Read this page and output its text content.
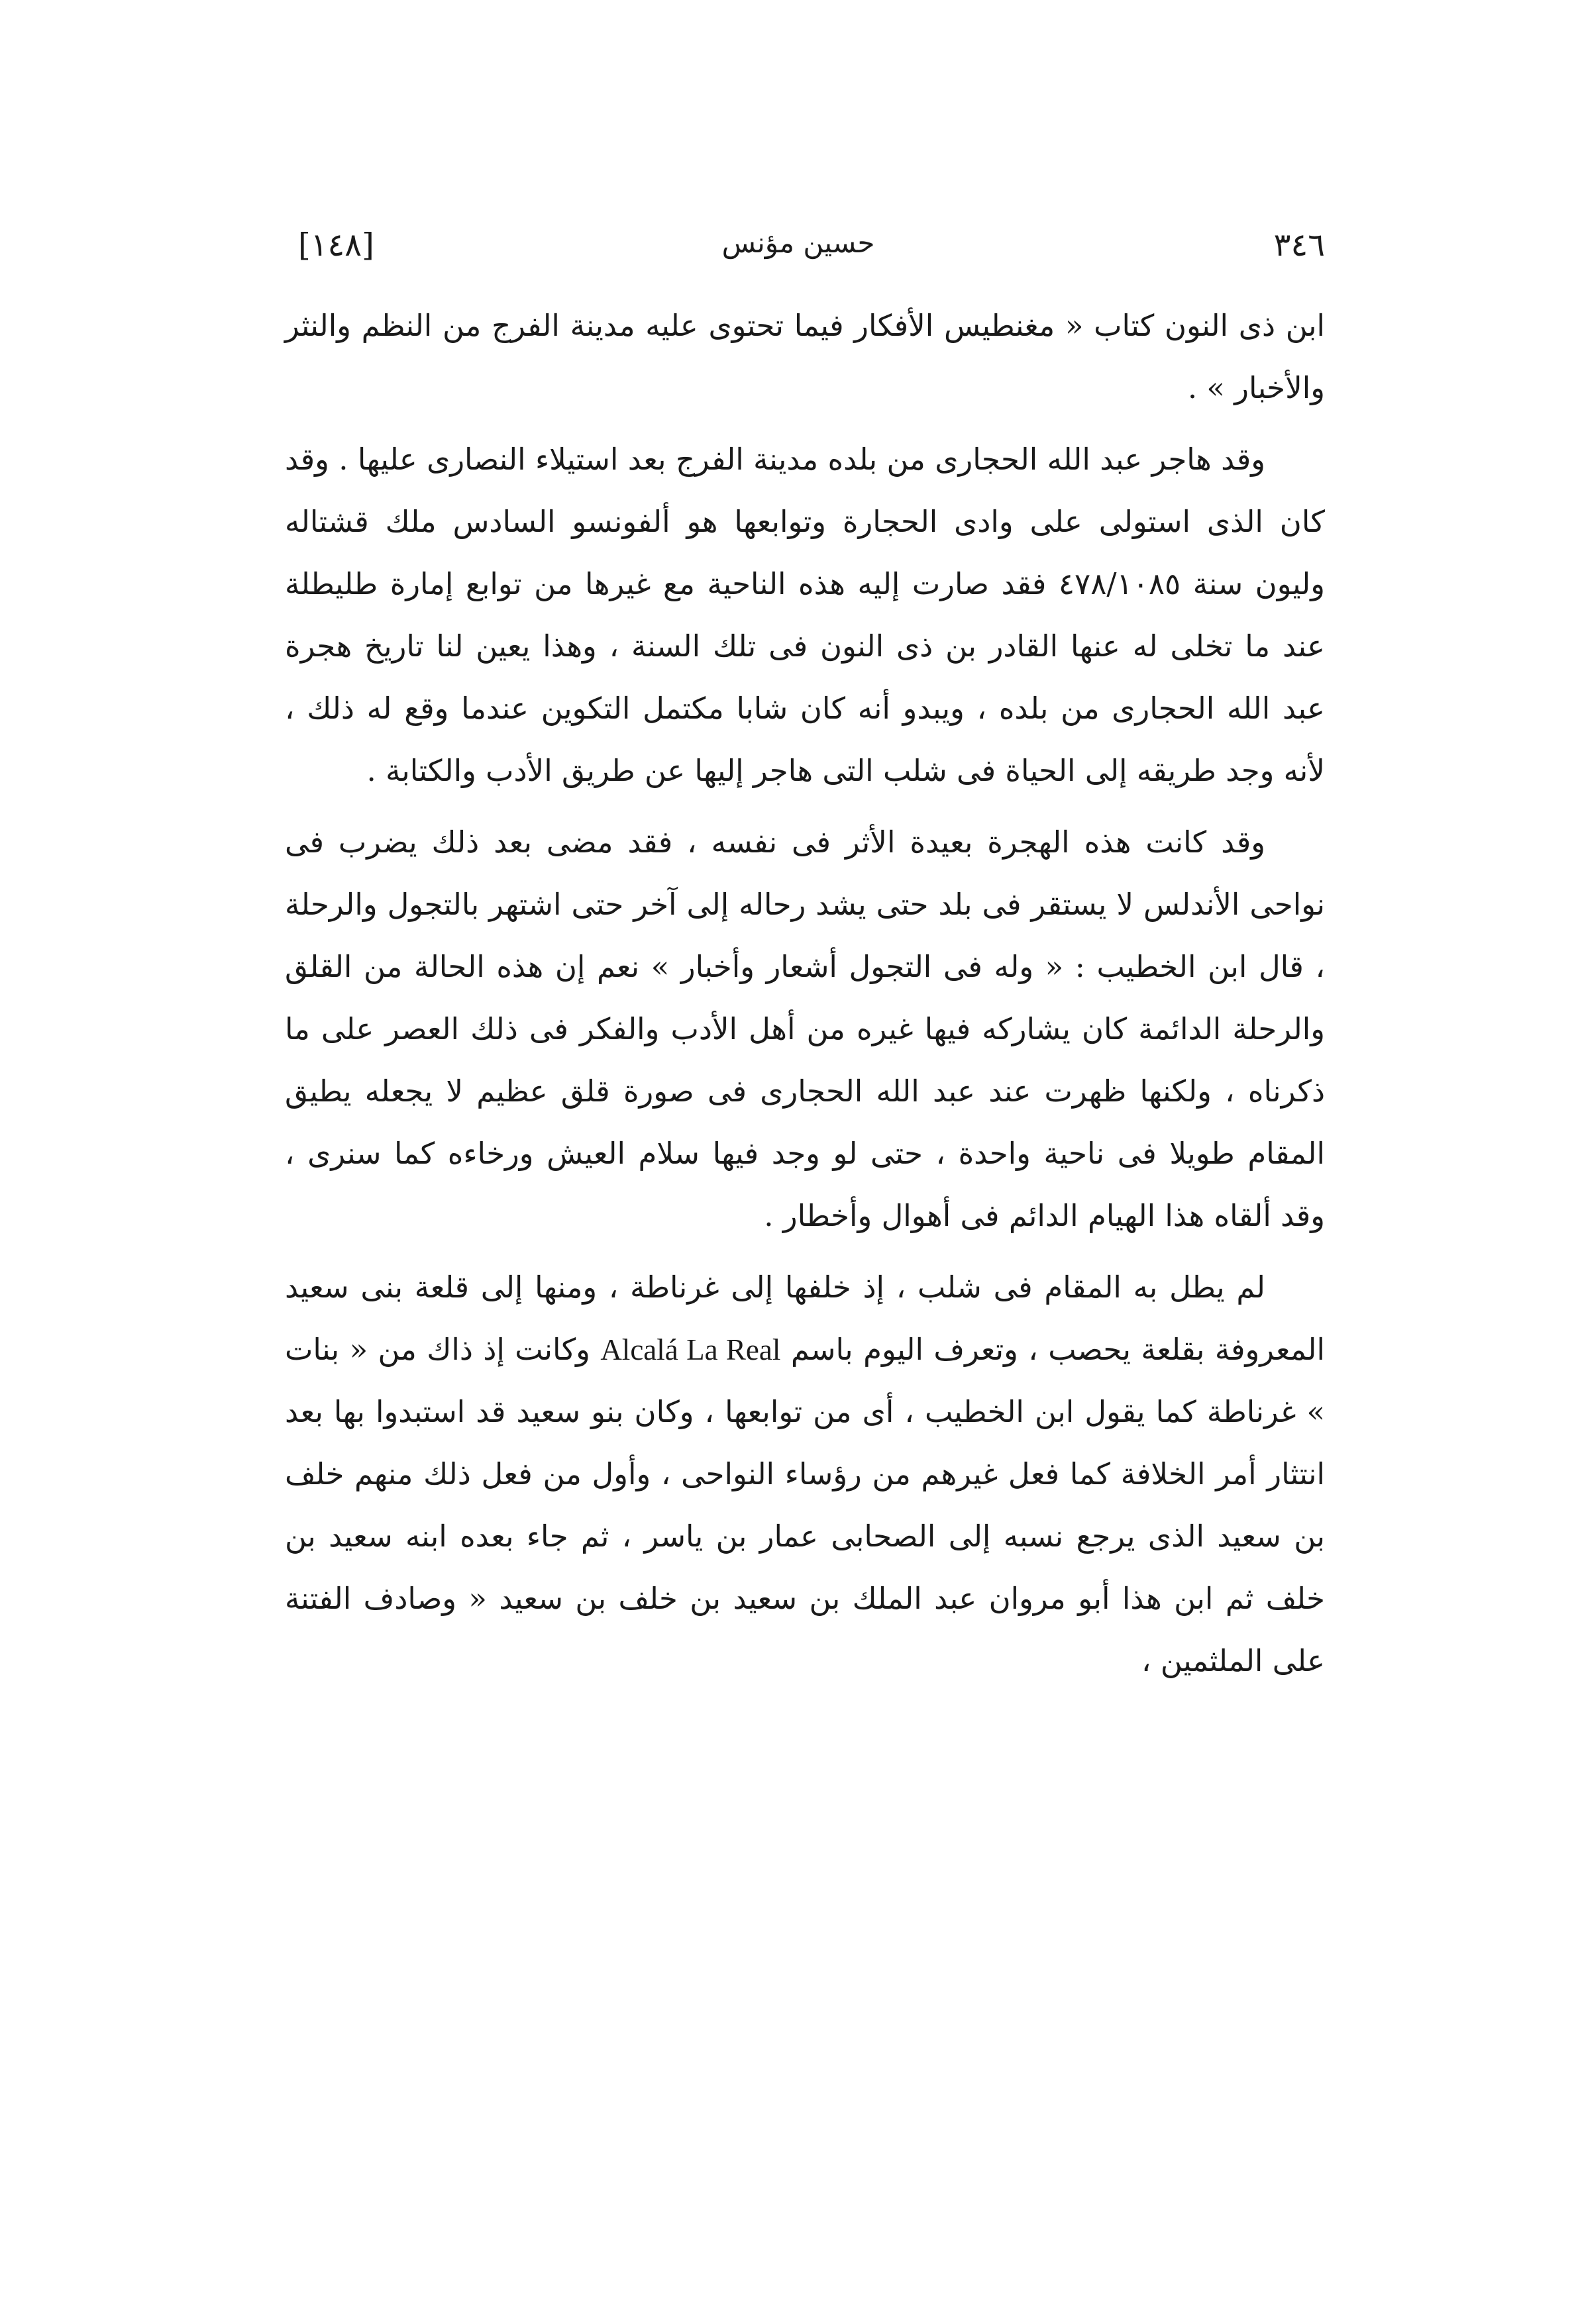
٣٤٦
حسين مؤنس
[١٤٨]

ابن ذى النون كتاب « مغنطيس الأفكار فيما تحتوى عليه مدينة الفرج من النظم والنثر والأخبار » .

وقد هاجر عبد الله الحجارى من بلده مدينة الفرج بعد استيلاء النصارى عليها . وقد كان الذى استولى على وادى الحجارة وتوابعها هو ألفونسو السادس ملك قشتاله وليون سنة ٤٧٨/١٠٨٥ فقد صارت إليه هذه الناحية مع غيرها من توابع إمارة طليطلة عند ما تخلى له عنها القادر بن ذى النون فى تلك السنة ، وهذا يعين لنا تاريخ هجرة عبد الله الحجارى من بلده ، ويبدو أنه كان شابا مكتمل التكوين عندما وقع له ذلك ، لأنه وجد طريقه إلى الحياة فى شلب التى هاجر إليها عن طريق الأدب والكتابة .

وقد كانت هذه الهجرة بعيدة الأثر فى نفسه ، فقد مضى بعد ذلك يضرب فى نواحى الأندلس لا يستقر فى بلد حتى يشد رحاله إلى آخر حتى اشتهر بالتجول والرحلة ، قال ابن الخطيب : « وله فى التجول أشعار وأخبار » نعم إن هذه الحالة من القلق والرحلة الدائمة كان يشاركه فيها غيره من أهل الأدب والفكر فى ذلك العصر على ما ذكرناه ، ولكنها ظهرت عند عبد الله الحجارى فى صورة قلق عظيم لا يجعله يطيق المقام طويلا فى ناحية واحدة ، حتى لو وجد فيها سلام العيش ورخاءه كما سنرى ، وقد ألقاه هذا الهيام الدائم فى أهوال وأخطار .

لم يطل به المقام فى شلب ، إذ خلفها إلى غرناطة ، ومنها إلى قلعة بنى سعيد المعروفة بقلعة يحصب ، وتعرف اليوم باسم Alcalá La Real وكانت إذ ذاك من « بنات » غرناطة كما يقول ابن الخطيب ، أى من توابعها ، وكان بنو سعيد قد استبدوا بها بعد انتثار أمر الخلافة كما فعل غيرهم من رؤساء النواحى ، وأول من فعل ذلك منهم خلف بن سعيد الذى يرجع نسبه إلى الصحابى عمار بن ياسر ، ثم جاء بعده ابنه سعيد بن خلف ثم ابن هذا أبو مروان عبد الملك بن سعيد بن خلف بن سعيد « وصادف الفتنة على الملثمين ،
